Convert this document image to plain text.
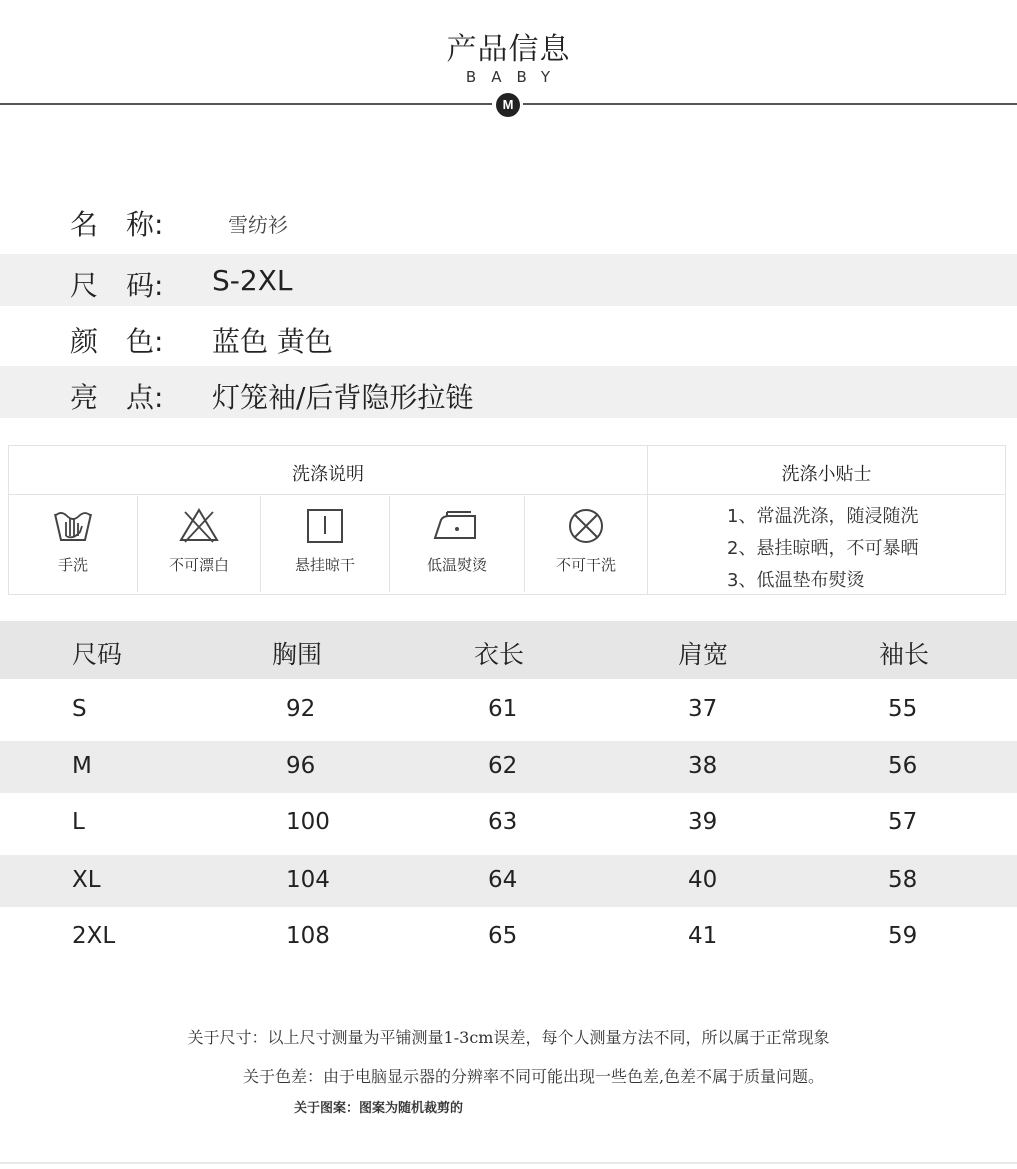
产品信息
BABY
M
名　称:	雪纺衫
尺　码: S-2XL
颜　色: 蓝色 黄色
亮　点: 灯笼袖/后背隐形拉链
洗涤说明	洗涤小贴士
手洗	不可漂白	悬挂晾干	低温熨烫	不可干洗
1、常温洗涤，随浸随洗
2、悬挂晾晒，不可暴晒
3、低温垫布熨烫
尺码	胸围	衣长	肩宽	袖长
S	92	61	37	55
M	96	62	38	56
L	100	63	39	57
XL	104	64	40	58
2XL	108	65	41	59
关于尺寸：以上尺寸测量为平铺测量1-3cm误差，每个人测量方法不同，所以属于正常现象
关于色差：由于电脑显示器的分辨率不同可能出现一些色差,色差不属于质量问题。
关于图案：图案为随机裁剪的
